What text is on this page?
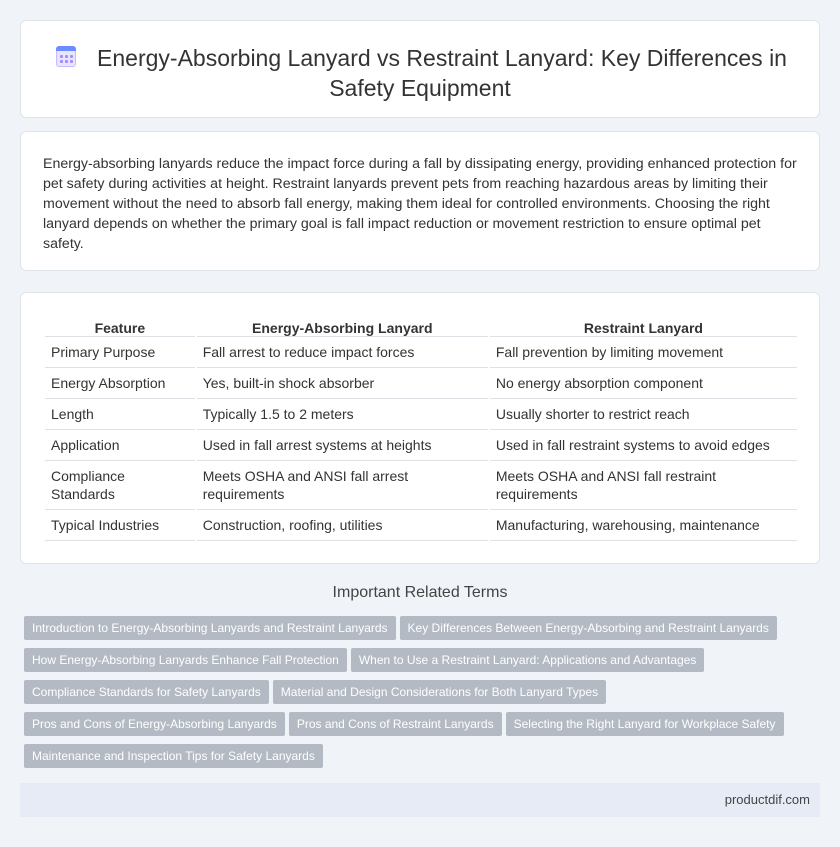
Energy-Absorbing Lanyard vs Restraint Lanyard: Key Differences in Safety Equipment

Energy-absorbing lanyards reduce the impact force during a fall by dissipating energy, providing enhanced protection for pet safety during activities at height. Restraint lanyards prevent pets from reaching hazardous areas by limiting their movement without the need to absorb fall energy, making them ideal for controlled environments. Choosing the right lanyard depends on whether the primary goal is fall impact reduction or movement restriction to ensure optimal pet safety.

Feature	Energy-Absorbing Lanyard	Restraint Lanyard
Primary Purpose	Fall arrest to reduce impact forces	Fall prevention by limiting movement
Energy Absorption	Yes, built-in shock absorber	No energy absorption component
Length	Typically 1.5 to 2 meters	Usually shorter to restrict reach
Application	Used in fall arrest systems at heights	Used in fall restraint systems to avoid edges
Compliance Standards	Meets OSHA and ANSI fall arrest requirements	Meets OSHA and ANSI fall restraint requirements
Typical Industries	Construction, roofing, utilities	Manufacturing, warehousing, maintenance
Important Related Terms
Introduction to Energy-Absorbing Lanyards and Restraint Lanyards Key Differences Between Energy-Absorbing and Restraint Lanyards
How Energy-Absorbing Lanyards Enhance Fall Protection When to Use a Restraint Lanyard: Applications and Advantages
Compliance Standards for Safety Lanyards Material and Design Considerations for Both Lanyard Types
Pros and Cons of Energy-Absorbing Lanyards Pros and Cons of Restraint Lanyards Selecting the Right Lanyard for Workplace Safety
Maintenance and Inspection Tips for Safety Lanyards
productdif.com
